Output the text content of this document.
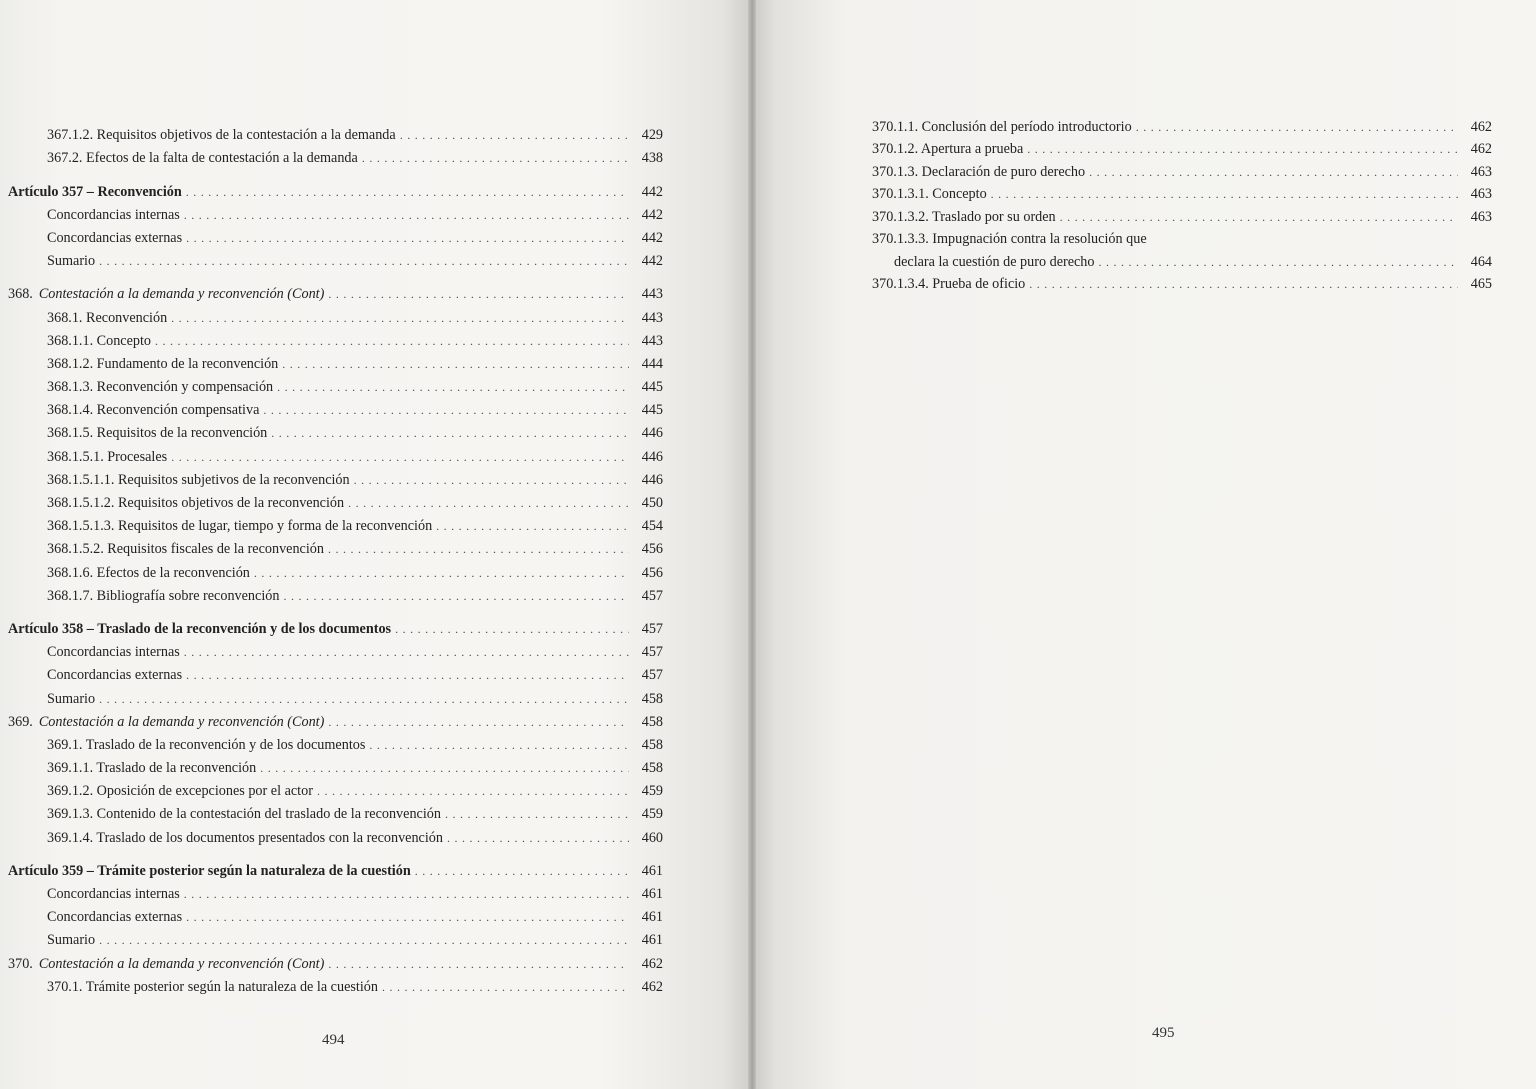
367.1.2. Requisitos objetivos de la contestación a la demanda . . .	429
367.2. Efectos de la falta de contestación a la demanda . . .	438
Artículo 357 – Reconvención . . .	442
Concordancias internas . . .	442
Concordancias externas . . .	442
Sumario . . .	442
368. Contestación a la demanda y reconvención (Cont) . . .	443
368.1. Reconvención . . .	443
368.1.1. Concepto . . .	443
368.1.2. Fundamento de la reconvención . . .	444
368.1.3. Reconvención y compensación . . .	445
368.1.4. Reconvención compensativa . . .	445
368.1.5. Requisitos de la reconvención . . .	446
368.1.5.1. Procesales . . .	446
368.1.5.1.1. Requisitos subjetivos de la reconvención . . .	446
368.1.5.1.2. Requisitos objetivos de la reconvención . . .	450
368.1.5.1.3. Requisitos de lugar, tiempo y forma de la reconvención . . .	454
368.1.5.2. Requisitos fiscales de la reconvención . . .	456
368.1.6. Efectos de la reconvención . . .	456
368.1.7. Bibliografía sobre reconvención . . .	457
Artículo 358 – Traslado de la reconvención y de los documentos . . .	457
Concordancias internas . . .	457
Concordancias externas . . .	457
Sumario . . .	458
369. Contestación a la demanda y reconvención (Cont) . . .	458
369.1. Traslado de la reconvención y de los documentos . . .	458
369.1.1. Traslado de la reconvención . . .	458
369.1.2. Oposición de excepciones por el actor . . .	459
369.1.3. Contenido de la contestación del traslado de la reconvención . . .	459
369.1.4. Traslado de los documentos presentados con la reconvención . . .	460
Artículo 359 – Trámite posterior según la naturaleza de la cuestión . . .	461
Concordancias internas . . .	461
Concordancias externas . . .	461
Sumario . . .	461
370. Contestación a la demanda y reconvención (Cont) . . .	462
370.1. Trámite posterior según la naturaleza de la cuestión . . .	462
494
370.1.1. Conclusión del período introductorio . . .	462
370.1.2. Apertura a prueba . . .	462
370.1.3. Declaración de puro derecho . . .	463
370.1.3.1. Concepto . . .	463
370.1.3.2. Traslado por su orden . . .	463
370.1.3.3. Impugnación contra la resolución que
declara la cuestión de puro derecho . . .	464
370.1.3.4. Prueba de oficio . . .	465
495
